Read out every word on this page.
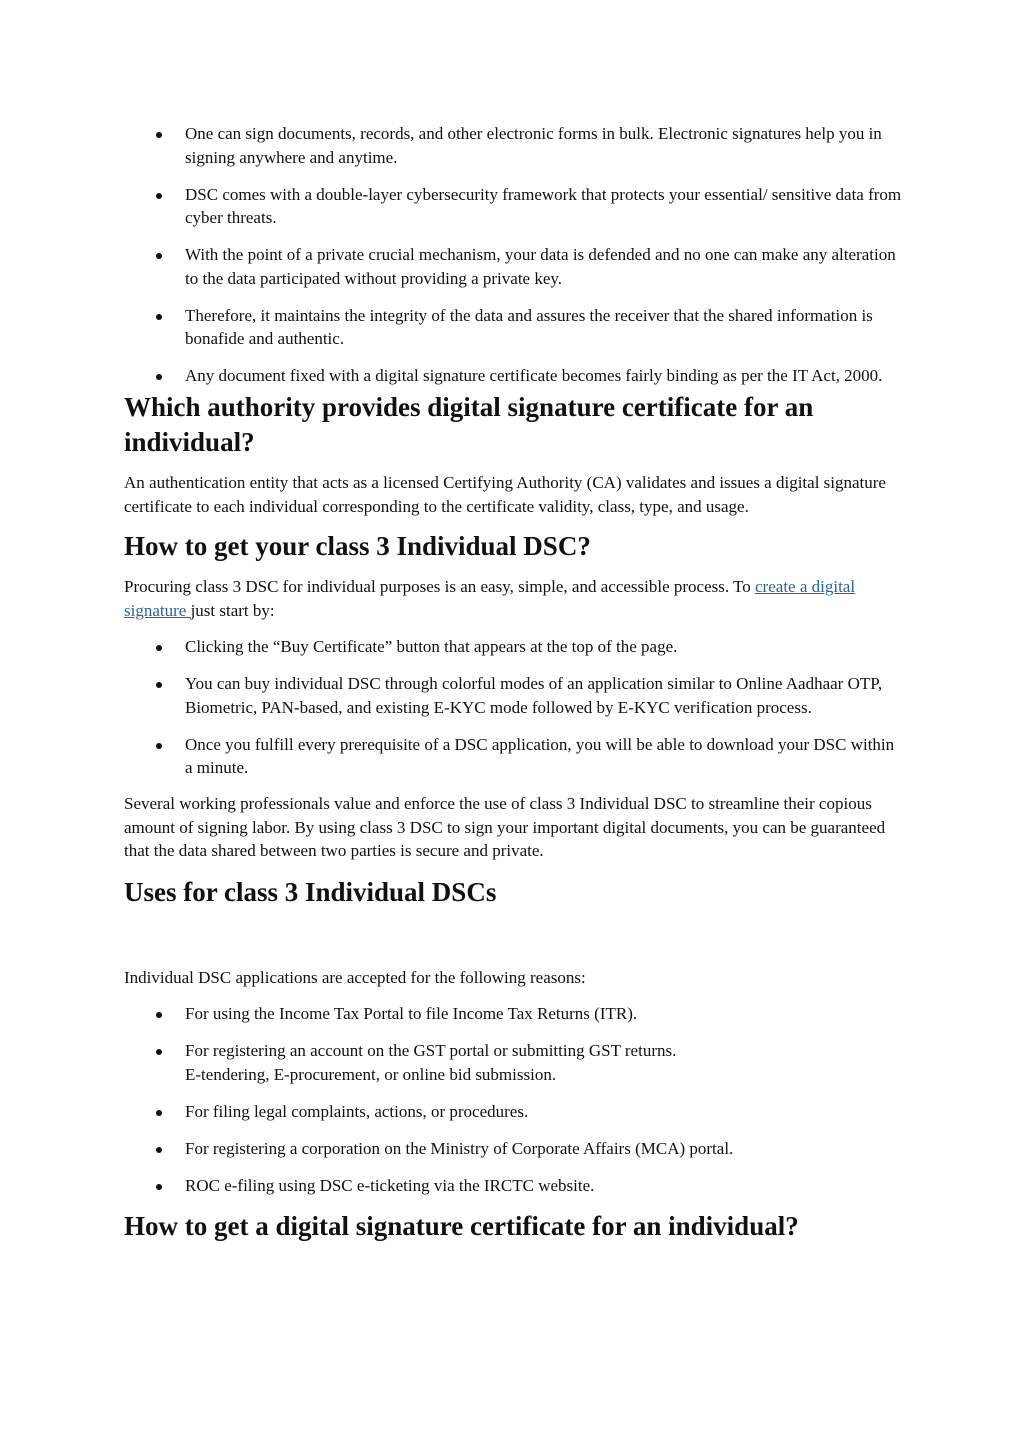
One can sign documents, records, and other electronic forms in bulk. Electronic signatures help you in signing anywhere and anytime.
DSC comes with a double-layer cybersecurity framework that protects your essential/ sensitive data from cyber threats.
With the point of a private crucial mechanism, your data is defended and no one can make any alteration to the data participated without providing a private key.
Therefore, it maintains the integrity of the data and assures the receiver that the shared information is bonafide and authentic.
Any document fixed with a digital signature certificate becomes fairly binding as per the IT Act, 2000.
Which authority provides digital signature certificate for an individual?

An authentication entity that acts as a licensed Certifying Authority (CA) validates and issues a digital signature certificate to each individual corresponding to the certificate validity, class, type, and usage.

How to get your class 3 Individual DSC?

Procuring class 3 DSC for individual purposes is an easy, simple, and accessible process. To create a digital signature just start by:

Clicking the “Buy Certificate” button that appears at the top of the page.
You can buy individual DSC through colorful modes of an application similar to Online Aadhaar OTP, Biometric, PAN-based, and existing E-KYC mode followed by E-KYC verification process.
Once you fulfill every prerequisite of a DSC application, you will be able to download your DSC within a minute.

Several working professionals value and enforce the use of class 3 Individual DSC to streamline their copious amount of signing labor. By using class 3 DSC to sign your important digital documents, you can be guaranteed that the data shared between two parties is secure and private.

Uses for class 3 Individual DSCs

Individual DSC applications are accepted for the following reasons:

For using the Income Tax Portal to file Income Tax Returns (ITR).
For registering an account on the GST portal or submitting GST returns.
E-tendering, E-procurement, or online bid submission.
For filing legal complaints, actions, or procedures.
For registering a corporation on the Ministry of Corporate Affairs (MCA) portal.
ROC e-filing using DSC e-ticketing via the IRCTC website.
How to get a digital signature certificate for an individual?
